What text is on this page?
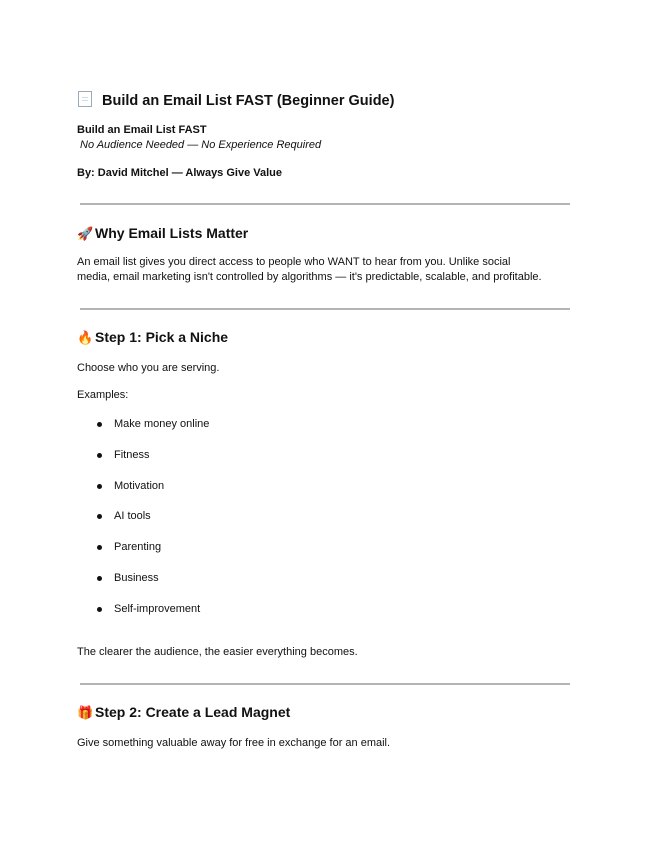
Build an Email List FAST (Beginner Guide)
Build an Email List FAST
No Audience Needed — No Experience Required
By: David Mitchel — Always Give Value
🚀 Why Email Lists Matter
An email list gives you direct access to people who WANT to hear from you. Unlike social
media, email marketing isn't controlled by algorithms — it's predictable, scalable, and profitable.
🔥 Step 1: Pick a Niche
Choose who you are serving.
Examples:
Make money online
Fitness
Motivation
AI tools
Parenting
Business
Self-improvement
The clearer the audience, the easier everything becomes.
🎁 Step 2: Create a Lead Magnet
Give something valuable away for free in exchange for an email.
